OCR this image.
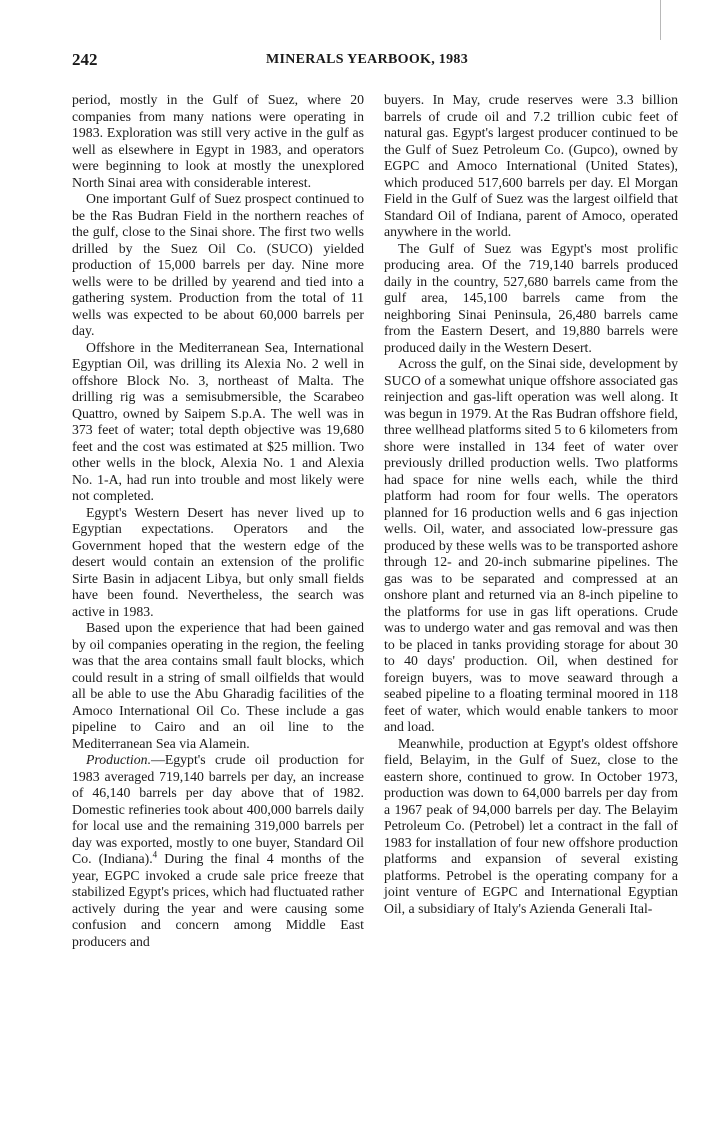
242	MINERALS YEARBOOK, 1983

period, mostly in the Gulf of Suez, where 20 companies from many nations were operating in 1983. Exploration was still very active in the gulf as well as elsewhere in Egypt in 1983, and operators were beginning to look at mostly the unexplored North Sinai area with considerable interest.

One important Gulf of Suez prospect continued to be the Ras Budran Field in the northern reaches of the gulf, close to the Sinai shore. The first two wells drilled by the Suez Oil Co. (SUCO) yielded production of 15,000 barrels per day. Nine more wells were to be drilled by yearend and tied into a gathering system. Production from the total of 11 wells was expected to be about 60,000 barrels per day.

Offshore in the Mediterranean Sea, International Egyptian Oil, was drilling its Alexia No. 2 well in offshore Block No. 3, northeast of Malta. The drilling rig was a semisubmersible, the Scarabeo Quattro, owned by Saipem S.p.A. The well was in 373 feet of water; total depth objective was 19,680 feet and the cost was estimated at $25 million. Two other wells in the block, Alexia No. 1 and Alexia No. 1-A, had run into trouble and most likely were not completed.

Egypt's Western Desert has never lived up to Egyptian expectations. Operators and the Government hoped that the western edge of the desert would contain an extension of the prolific Sirte Basin in adjacent Libya, but only small fields have been found. Nevertheless, the search was active in 1983.

Based upon the experience that had been gained by oil companies operating in the region, the feeling was that the area contains small fault blocks, which could result in a string of small oilfields that would all be able to use the Abu Gharadig facilities of the Amoco International Oil Co. These include a gas pipeline to Cairo and an oil line to the Mediterranean Sea via Alamein.

Production.—Egypt's crude oil production for 1983 averaged 719,140 barrels per day, an increase of 46,140 barrels per day above that of 1982. Domestic refineries took about 400,000 barrels daily for local use and the remaining 319,000 barrels per day was exported, mostly to one buyer, Standard Oil Co. (Indiana).$^4$ During the final 4 months of the year, EGPC invoked a crude sale price freeze that stabilized Egypt's prices, which had fluctuated rather actively during the year and were causing some confusion and concern among Middle East producers and

buyers. In May, crude reserves were 3.3 billion barrels of crude oil and 7.2 trillion cubic feet of natural gas. Egypt's largest producer continued to be the Gulf of Suez Petroleum Co. (Gupco), owned by EGPC and Amoco International (United States), which produced 517,600 barrels per day. El Morgan Field in the Gulf of Suez was the largest oilfield that Standard Oil of Indiana, parent of Amoco, operated anywhere in the world.

The Gulf of Suez was Egypt's most prolific producing area. Of the 719,140 barrels produced daily in the country, 527,680 barrels came from the gulf area, 145,100 barrels came from the neighboring Sinai Peninsula, 26,480 barrels came from the Eastern Desert, and 19,880 barrels were produced daily in the Western Desert.

Across the gulf, on the Sinai side, development by SUCO of a somewhat unique offshore associated gas reinjection and gas-lift operation was well along. It was begun in 1979. At the Ras Budran offshore field, three wellhead platforms sited 5 to 6 kilometers from shore were installed in 134 feet of water over previously drilled production wells. Two platforms had space for nine wells each, while the third platform had room for four wells. The operators planned for 16 production wells and 6 gas injection wells. Oil, water, and associated low-pressure gas produced by these wells was to be transported ashore through 12- and 20-inch submarine pipelines. The gas was to be separated and compressed at an onshore plant and returned via an 8-inch pipeline to the platforms for use in gas lift operations. Crude was to undergo water and gas removal and was then to be placed in tanks providing storage for about 30 to 40 days' production. Oil, when destined for foreign buyers, was to move seaward through a seabed pipeline to a floating terminal moored in 118 feet of water, which would enable tankers to moor and load.

Meanwhile, production at Egypt's oldest offshore field, Belayim, in the Gulf of Suez, close to the eastern shore, continued to grow. In October 1973, production was down to 64,000 barrels per day from a 1967 peak of 94,000 barrels per day. The Belayim Petroleum Co. (Petrobel) let a contract in the fall of 1983 for installation of four new offshore production platforms and expansion of several existing platforms. Petrobel is the operating company for a joint venture of EGPC and International Egyptian Oil, a subsidiary of Italy's Azienda Generali Ital-
